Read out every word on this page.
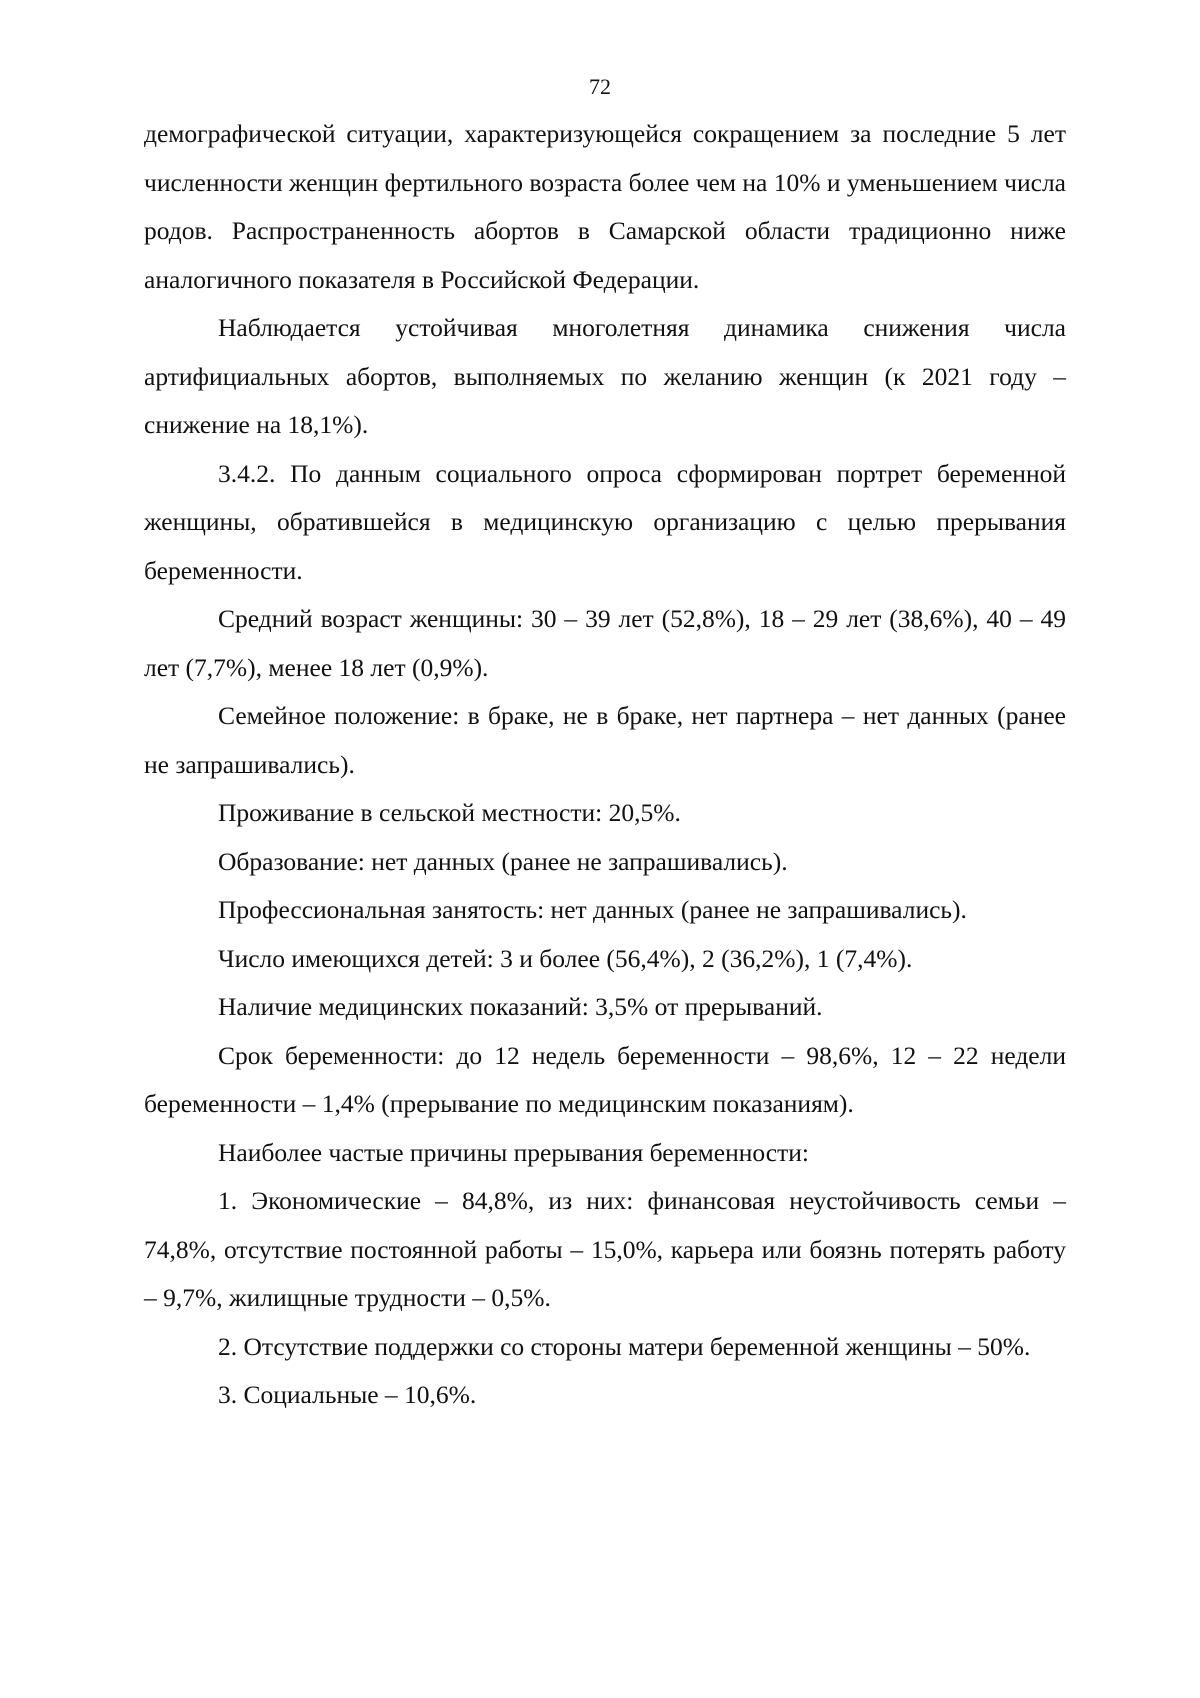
72

демографической ситуации, характеризующейся сокращением за последние 5 лет численности женщин фертильного возраста более чем на 10% и уменьшением числа родов. Распространенность абортов в Самарской области традиционно ниже аналогичного показателя в Российской Федерации.

Наблюдается устойчивая многолетняя динамика снижения числа артифициальных абортов, выполняемых по желанию женщин (к 2021 году – снижение на 18,1%).

3.4.2. По данным социального опроса сформирован портрет беременной женщины, обратившейся в медицинскую организацию с целью прерывания беременности.

Средний возраст женщины: 30 – 39 лет (52,8%), 18 – 29 лет (38,6%), 40 – 49 лет (7,7%), менее 18 лет (0,9%).

Семейное положение: в браке, не в браке, нет партнера – нет данных (ранее не запрашивались).

Проживание в сельской местности: 20,5%.

Образование: нет данных (ранее не запрашивались).

Профессиональная занятость: нет данных (ранее не запрашивались).

Число имеющихся детей: 3 и более (56,4%), 2 (36,2%), 1 (7,4%).

Наличие медицинских показаний: 3,5% от прерываний.

Срок беременности: до 12 недель беременности – 98,6%, 12 – 22 недели беременности – 1,4% (прерывание по медицинским показаниям).

Наиболее частые причины прерывания беременности:

1. Экономические – 84,8%, из них: финансовая неустойчивость семьи – 74,8%, отсутствие постоянной работы – 15,0%, карьера или боязнь потерять работу – 9,7%, жилищные трудности – 0,5%.

2. Отсутствие поддержки со стороны матери беременной женщины – 50%.

3. Социальные – 10,6%.
